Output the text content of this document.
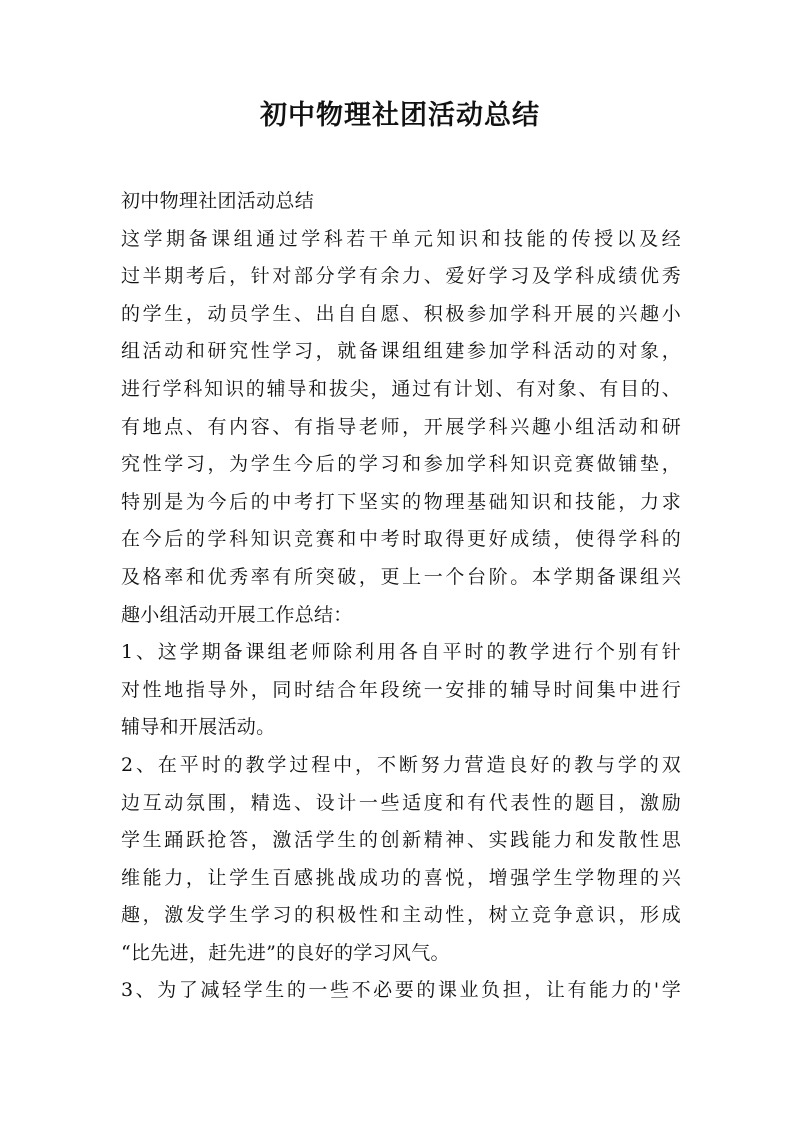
初中物理社团活动总结
初中物理社团活动总结
这学期备课组通过学科若干单元知识和技能的传授以及经
过半期考后，针对部分学有余力、爱好学习及学科成绩优秀
的学生，动员学生、出自自愿、积极参加学科开展的兴趣小
组活动和研究性学习，就备课组组建参加学科活动的对象，
进行学科知识的辅导和拔尖，通过有计划、有对象、有目的、
有地点、有内容、有指导老师，开展学科兴趣小组活动和研
究性学习，为学生今后的学习和参加学科知识竞赛做铺垫，
特别是为今后的中考打下坚实的物理基础知识和技能，力求
在今后的学科知识竞赛和中考时取得更好成绩，使得学科的
及格率和优秀率有所突破，更上一个台阶。本学期备课组兴
趣小组活动开展工作总结：
1、这学期备课组老师除利用各自平时的教学进行个别有针
对性地指导外，同时结合年段统一安排的辅导时间集中进行
辅导和开展活动。
2、在平时的教学过程中，不断努力营造良好的教与学的双
边互动氛围，精选、设计一些适度和有代表性的题目，激励
学生踊跃抢答，激活学生的创新精神、实践能力和发散性思
维能力，让学生百感挑战成功的喜悦，增强学生学物理的兴
趣，激发学生学习的积极性和主动性，树立竞争意识，形成
“比先进，赶先进”的良好的学习风气。
3、为了减轻学生的一些不必要的课业负担，让有能力的'学
